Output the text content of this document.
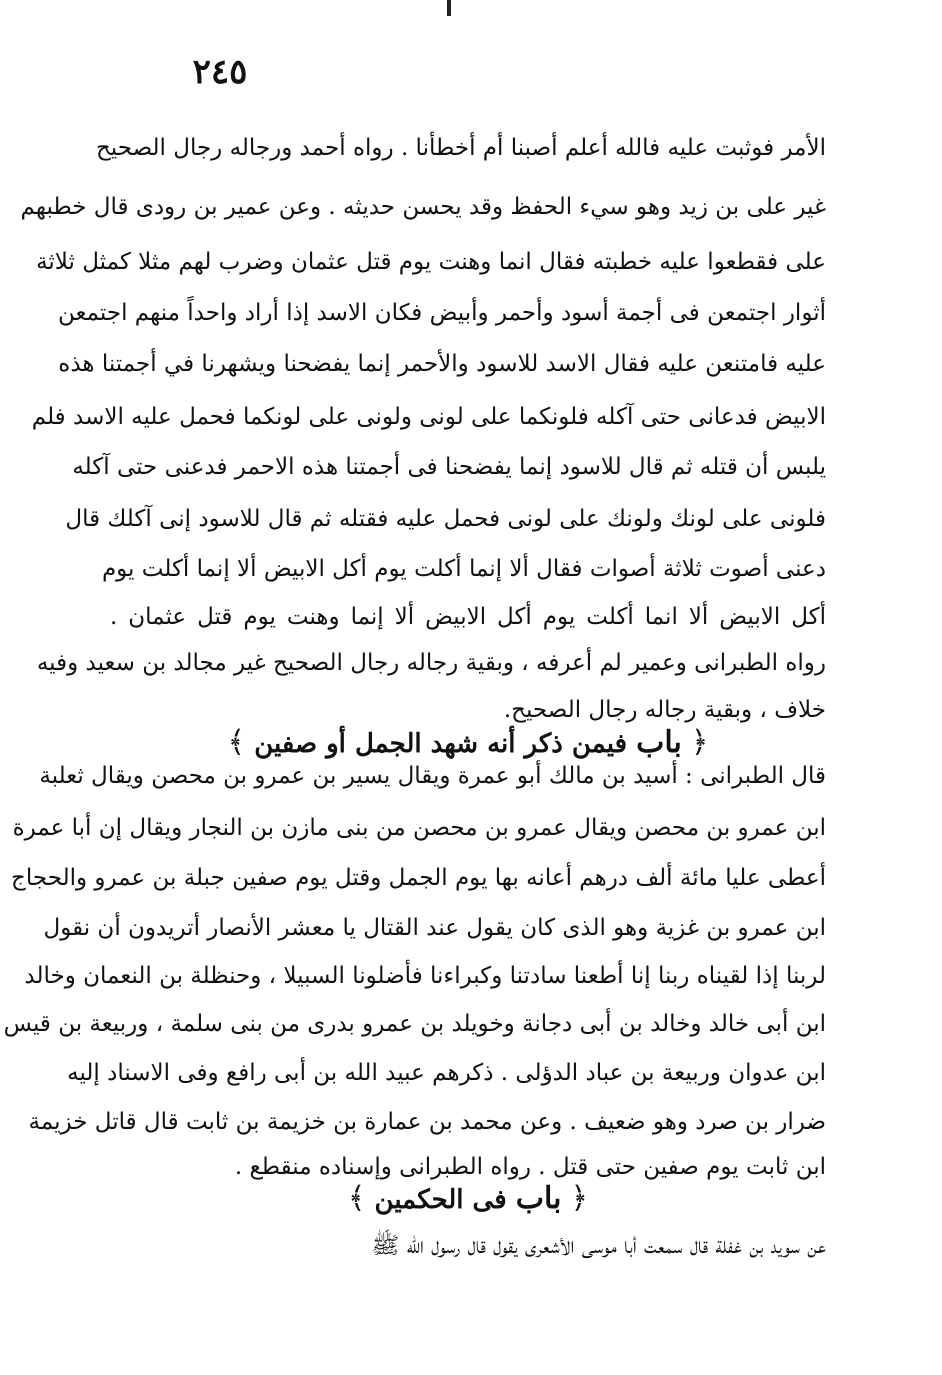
٢٤٥
الأمر فوثبت عليه فالله أعلم أصبنا أم أخطأنا . رواه أحمد ورجاله رجال الصحيح
غير على بن زيد وهو سيء الحفظ وقد يحسن حديثه . وعن عمير بن رودى قال خطبهم
على فقطعوا عليه خطبته فقال انما وهنت يوم قتل عثمان وضرب لهم مثلا كمثل ثلاثة
أثوار اجتمعن فى أجمة أسود وأحمر وأبيض فكان الاسد إذا أراد واحداً منهم اجتمعن
عليه فامتنعن عليه فقال الاسد للاسود والأحمر إنما يفضحنا ويشهرنا في أجمتنا هذه
الابيض فدعانى حتى آكله فلونكما على لونى ولونى على لونكما فحمل عليه الاسد فلم
يلبس أن قتله ثم قال للاسود إنما يفضحنا فى أجمتنا هذه الاحمر فدعنى حتى آكله
فلونى على لونك ولونك على لونى فحمل عليه فقتله ثم قال للاسود إنى آكلك قال
دعنى أصوت ثلاثة أصوات فقال ألا إنما أكلت يوم أكل الابيض ألا إنما أكلت يوم
أكل الابيض ألا انما أكلت يوم أكل الابيض ألا إنما وهنت يوم قتل عثمان .
رواه الطبرانى وعمير لم أعرفه ، وبقية رجاله رجال الصحيح غير مجالد بن سعيد وفيه
خلاف ، وبقية رجاله رجال الصحيح.
﴿ باب فيمن ذكر أنه شهد الجمل أو صفين ﴾
قال الطبرانى : أسيد بن مالك أبو عمرة ويقال يسير بن عمرو بن محصن ويقال ثعلبة
ابن عمرو بن محصن ويقال عمرو بن محصن من بنى مازن بن النجار ويقال إن أبا عمرة
أعطى عليا مائة ألف درهم أعانه بها يوم الجمل وقتل يوم صفين جبلة بن عمرو والحجاج
ابن عمرو بن غزية وهو الذى كان يقول عند القتال يا معشر الأنصار أتريدون أن نقول
لربنا إذا لقيناه ربنا إنا أطعنا سادتنا وكبراءنا فأضلونا السبيلا ، وحنظلة بن النعمان وخالد
ابن أبى خالد وخالد بن أبى دجانة وخويلد بن عمرو بدرى من بنى سلمة ، وربيعة بن قيس
ابن عدوان وربيعة بن عباد الدؤلى . ذكرهم عبيد الله بن أبى رافع وفى الاسناد إليه
ضرار بن صرد وهو ضعيف . وعن محمد بن عمارة بن خزيمة بن ثابت قال قاتل خزيمة
ابن ثابت يوم صفين حتى قتل . رواه الطبرانى وإسناده منقطع .
﴿ باب فى الحكمين ﴾
عن سويد بن غفلة قال سمعت أبا موسى الأشعرى يقول قال رسول الله ﷺ
